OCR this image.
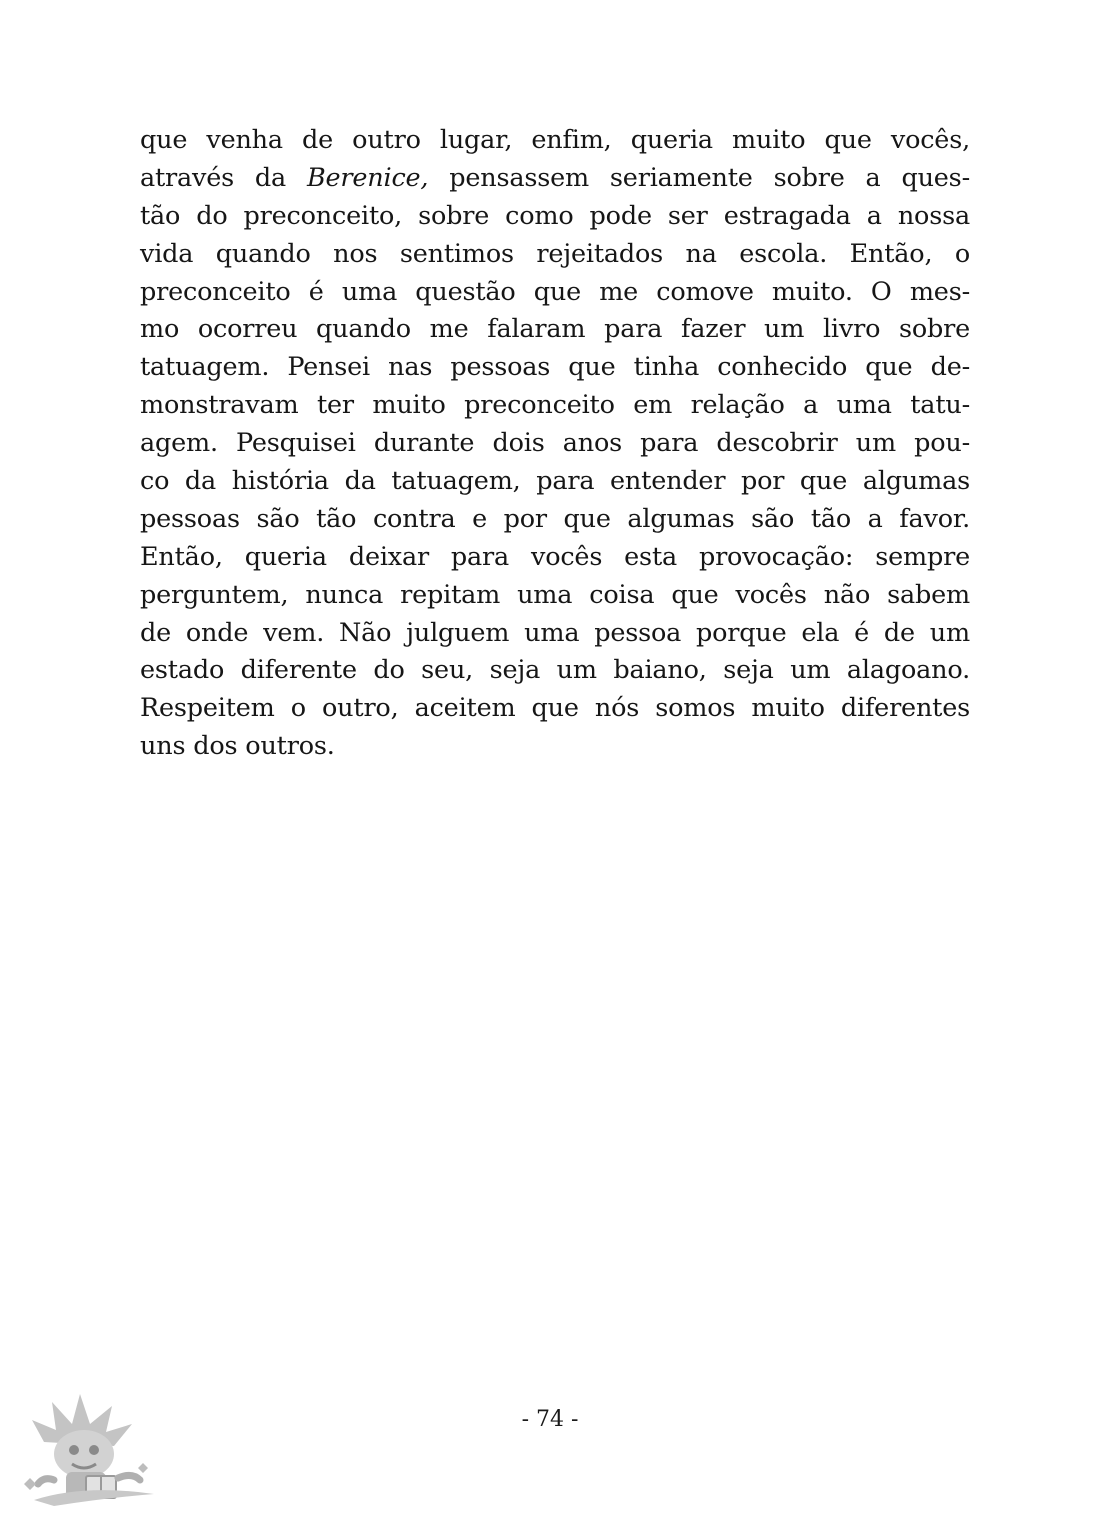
que venha de outro lugar, enfim, queria muito que vocês,
através da Berenice, pensassem seriamente sobre a ques-
tão do preconceito, sobre como pode ser estragada a nossa
vida quando nos sentimos rejeitados na escola. Então, o
preconceito é uma questão que me comove muito. O mes-
mo ocorreu quando me falaram para fazer um livro sobre
tatuagem. Pensei nas pessoas que tinha conhecido que de-
monstravam ter muito preconceito em relação a uma tatu-
agem. Pesquisei durante dois anos para descobrir um pou-
co da história da tatuagem, para entender por que algumas
pessoas são tão contra e por que algumas são tão a favor.
Então, queria deixar para vocês esta provocação: sempre
perguntem, nunca repitam uma coisa que vocês não sabem
de onde vem. Não julguem uma pessoa porque ela é de um
estado diferente do seu, seja um baiano, seja um alagoano.
Respeitem o outro, aceitem que nós somos muito diferentes
uns dos outros.
- 74 -
